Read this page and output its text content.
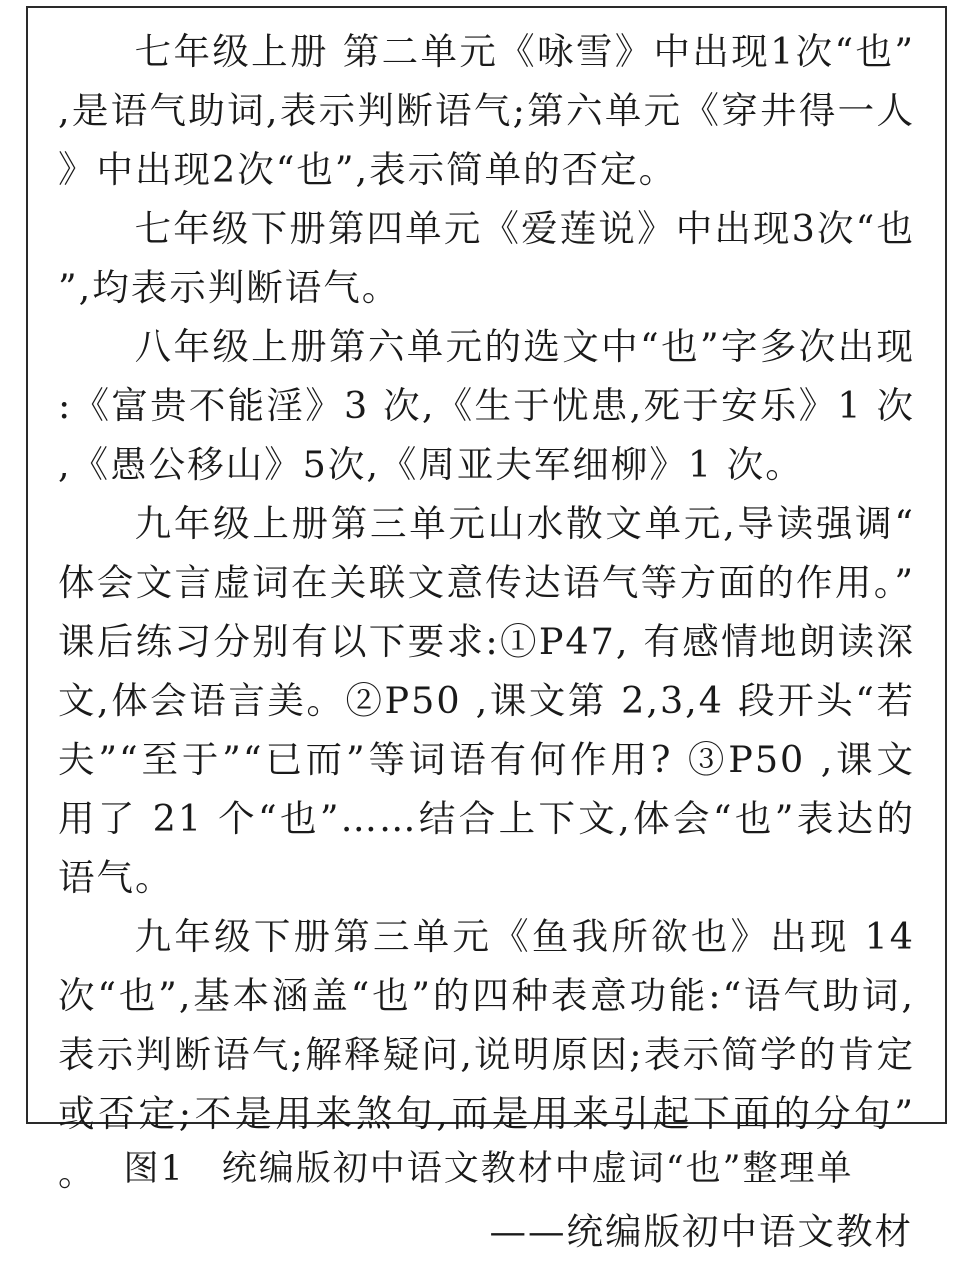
七年级上册 第二单元《咏雪》中出现1次“也”,是语气助词,表示判断语气;第六单元《穿井得一人》中出现2次“也”,表示简单的否定。

七年级下册第四单元《爱莲说》中出现3次“也”,均表示判断语气。

八年级上册第六单元的选文中“也”字多次出现:《富贵不能淫》3 次,《生于忧患,死于安乐》1 次,《愚公移山》5次,《周亚夫军细柳》1 次。

九年级上册第三单元山水散文单元,导读强调“体会文言虚词在关联文意传达语气等方面的作用。”课后练习分别有以下要求:①P47, 有感情地朗读深文,体会语言美。②P50 ,课文第 2,3,4 段开头“若夫”“至于”“已而”等词语有何作用? ③P50 ,课文用了 21 个“也”……结合上下文,体会“也”表达的语气。

九年级下册第三单元《鱼我所欲也》出现 14 次“也”,基本涵盖“也”的四种表意功能:“语气助词,表示判断语气;解释疑问,说明原因;表示简学的肯定或否定;不是用来煞句,而是用来引起下面的分句”。

——统编版初中语文教材

图1　统编版初中语文教材中虚词“也”整理单
